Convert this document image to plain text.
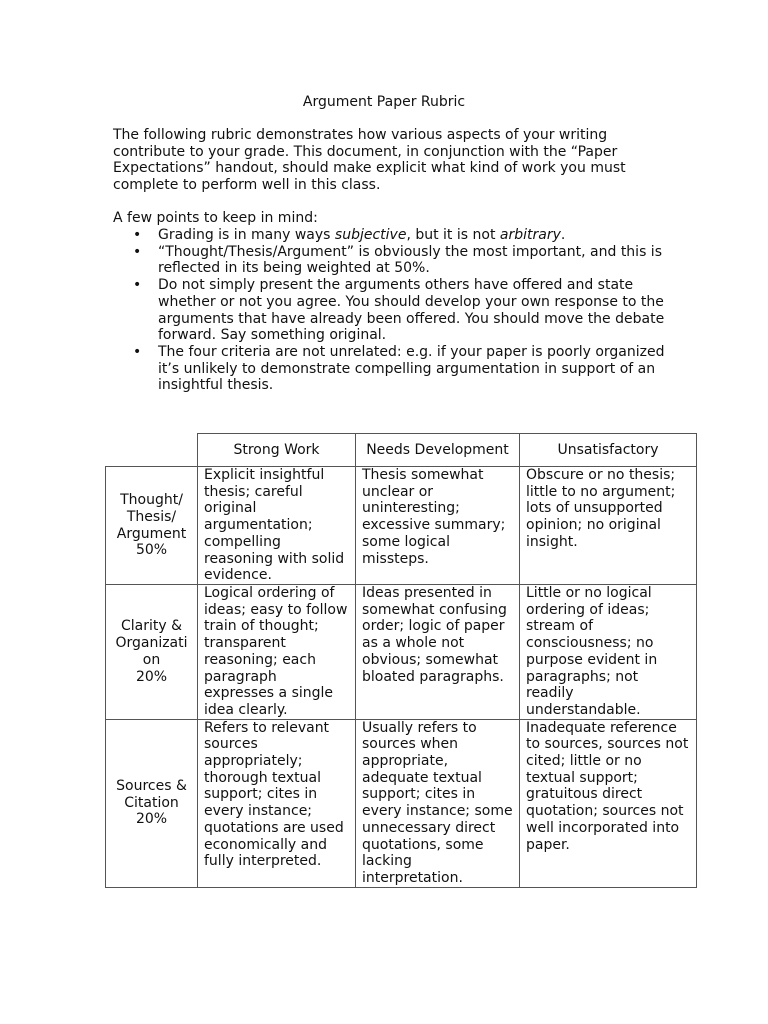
Argument Paper Rubric

The following rubric demonstrates how various aspects of your writing contribute to your grade. This document, in conjunction with the “Paper Expectations” handout, should make explicit what kind of work you must complete to perform well in this class.

A few points to keep in mind:

• Grading is in many ways subjective, but it is not arbitrary.
• “Thought/Thesis/Argument” is obviously the most important, and this is reflected in its being weighted at 50%.
• Do not simply present the arguments others have offered and state whether or not you agree. You should develop your own response to the arguments that have already been offered. You should move the debate forward. Say something original.
• The four criteria are not unrelated: e.g. if your paper is poorly organized it’s unlikely to demonstrate compelling argumentation in support of an insightful thesis.
	Strong Work	Needs Development	Unsatisfactory

Thought/
Thesis/
Argument
50%	Explicit insightful thesis; careful original argumentation; compelling reasoning with solid evidence.	Thesis somewhat unclear or uninteresting; excessive summary; some logical missteps.	Obscure or no thesis; little to no argument; lots of unsupported opinion; no original insight.

Clarity &
Organizati
on
20%	Logical ordering of ideas; easy to follow train of thought; transparent reasoning; each paragraph expresses a single idea clearly.	Ideas presented in somewhat confusing order; logic of paper as a whole not obvious; somewhat bloated paragraphs.	Little or no logical ordering of ideas; stream of consciousness; no purpose evident in paragraphs; not readily understandable.

Sources &
Citation
20%	Refers to relevant sources appropriately; thorough textual support; cites in every instance; quotations are used economically and fully interpreted.	Usually refers to sources when appropriate, adequate textual support; cites in every instance; some unnecessary direct quotations, some lacking interpretation.	Inadequate reference to sources, sources not cited; little or no textual support; gratuitous direct quotation; sources not well incorporated into paper.
